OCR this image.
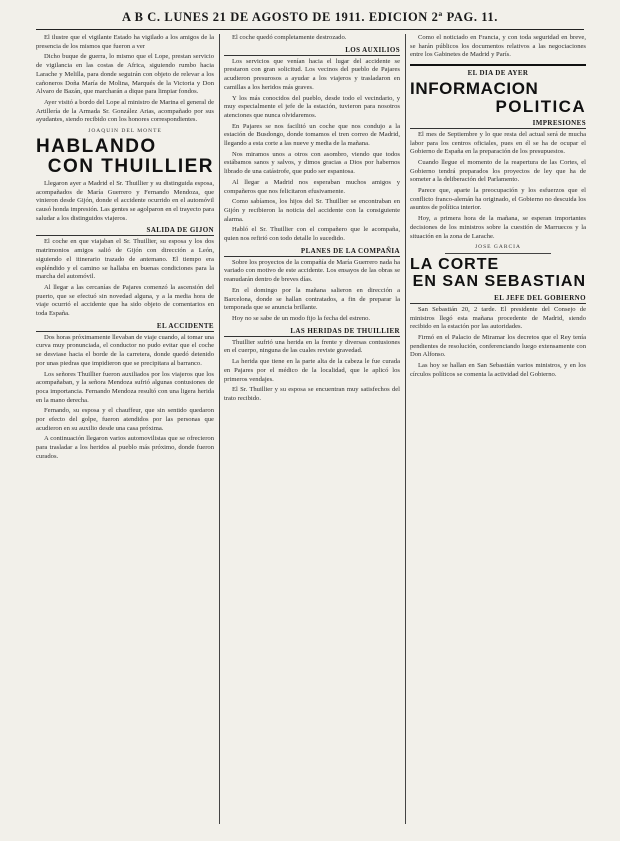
A B C. LUNES 21 DE AGOSTO DE 1911. EDICION 2ª PAG. 11.

El ilustre que el vigilante Estado ha vigilado a los amigos de la presencia de los mismos que fueron a ver

Dicho buque de guerra, lo mismo que el Lope, prestan servicio de vigilancia en las costas de Africa, siguiendo rumbo hacia Larache y Melilla, para donde seguirán con objeto de relevar a los cañoneros Doña María de Molina, Marqués de la Victoria y Don Alvaro de Bazán, que marcharán a dique para limpiar fondos.

Ayer visitó a bordo del Lope al ministro de Marina el general de Artillería de la Armada Sr. González Arias, acompañado por sus ayudantes, siendo recibido con los honores correspondientes.

JOAQUIN DEL MONTE
HABLANDO
CON THUILLIER

Llegaron ayer a Madrid el Sr. Thuillier y su distinguida esposa, acompañados de María Guerrero y Fernando Mendoza, que vinieron desde Gijón, donde el accidente ocurrido en el automóvil causó honda impresión. Las gentes se agolparon en el trayecto para saludar a los distinguidos viajeros.

SALIDA DE GIJON

El coche en que viajaban el Sr. Thuillier, su esposa y los dos matrimonios amigos salió de Gijón con dirección a León, siguiendo el itinerario trazado de antemano. El tiempo era espléndido y el camino se hallaba en buenas condiciones para la marcha del automóvil.

Al llegar a las cercanías de Pajares comenzó la ascensión del puerto, que se efectuó sin novedad alguna, y a la media hora de viaje ocurrió el accidente que ha sido objeto de comentarios en toda España.

EL ACCIDENTE

Dos horas próximamente llevaban de viaje cuando, al tomar una curva muy pronunciada, el conductor no pudo evitar que el coche se desviase hacia el borde de la carretera, donde quedó detenido por unas piedras que impidieron que se precipitara al barranco.

Los señores Thuillier fueron auxiliados por los viajeros que los acompañaban, y la señora Mendoza sufrió algunas contusiones de poca importancia. Fernando Mendoza resultó con una ligera herida en la mano derecha.

Fernando, su esposa y el chauffeur, que sin sentido quedaron por efecto del golpe, fueron atendidos por las personas que acudieron en su auxilio desde una casa próxima.

A continuación llegaron varios automovilistas que se ofrecieron para trasladar a los heridos al pueblo más próximo, donde fueron curados.

El coche quedó completamente destrozado.

LOS AUXILIOS

Los servicios que venían hacia el lugar del accidente se prestaron con gran solicitud. Los vecinos del pueblo de Pajares acudieron presurosos a ayudar a los viajeros y trasladaron en camillas a los heridos más graves.

Y los más conocidos del pueblo, desde todo el vecindario, y muy especialmente el jefe de la estación, tuvieron para nosotros atenciones que nunca olvidaremos.

En Pajares se nos facilitó un coche que nos condujo a la estación de Busdongo, donde tomamos el tren correo de Madrid, llegando a esta corte a las nueve y media de la mañana.

Nos miramos unos a otros con asombro, viendo que todos estábamos sanos y salvos, y dimos gracias a Dios por habernos librado de una catástrofe, que pudo ser espantosa.

Al llegar a Madrid nos esperaban muchos amigos y compañeros que nos felicitaron efusivamente.

Como sabíamos, los hijos del Sr. Thuillier se encontraban en Gijón y recibieron la noticia del accidente con la consiguiente alarma.

Habló el Sr. Thuillier con el compañero que le acompaña, quien nos refirió con todo detalle lo sucedido.

PLANES DE LA COMPAÑIA

Sobre los proyectos de la compañía de María Guerrero nada ha variado con motivo de este accidente. Los ensayos de las obras se reanudarán dentro de breves días.

En el domingo por la mañana salieron en dirección a Barcelona, donde se hallan contratados, a fin de preparar la temporada que se anuncia brillante.

Hoy no se sabe de un modo fijo la fecha del estreno.

LAS HERIDAS DE THUILLIER

Thuillier sufrió una herida en la frente y diversas contusiones en el cuerpo, ninguna de las cuales reviste gravedad.

La herida que tiene en la parte alta de la cabeza le fue curada en Pajares por el médico de la localidad, que le aplicó los primeros vendajes.

El Sr. Thuillier y su esposa se encuentran muy satisfechos del trato recibido.

Como el noticiado en Francia, y con toda seguridad en breve, se harán públicos los documentos relativos a las negociaciones entre los Gabinetes de Madrid y París.

EL DIA DE AYER
INFORMACION
POLITICA
IMPRESIONES

El mes de Septiembre y lo que resta del actual será de mucha labor para los centros oficiales, pues en él se ha de ocupar el Gobierno de España en la preparación de los presupuestos.

Cuando llegue el momento de la reapertura de las Cortes, el Gobierno tendrá preparados los proyectos de ley que ha de someter a la deliberación del Parlamento.

Parece que, aparte la preocupación y los esfuerzos que el conflicto franco-alemán ha originado, el Gobierno no descuida los asuntos de política interior.

Hoy, a primera hora de la mañana, se esperan importantes decisiones de los ministros sobre la cuestión de Marruecos y la situación en la zona de Larache.

JOSE GARCIA
LA CORTE
EN SAN SEBASTIAN
EL JEFE DEL GOBIERNO

San Sebastián 20, 2 tarde. El presidente del Consejo de ministros llegó esta mañana procedente de Madrid, siendo recibido en la estación por las autoridades.

Firmó en el Palacio de Miramar los decretos que el Rey tenía pendientes de resolución, conferenciando luego extensamente con Don Alfonso.

Las hoy se hallan en San Sebastián varios ministros, y en los círculos políticos se comenta la actividad del Gobierno.
